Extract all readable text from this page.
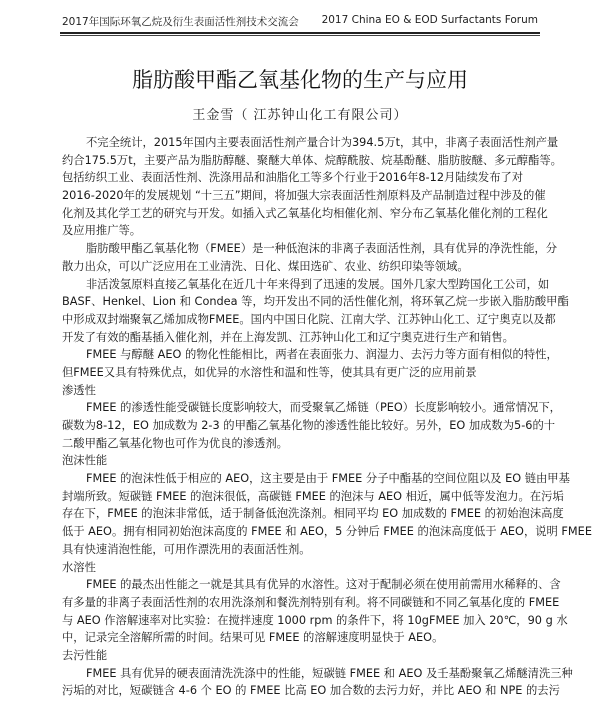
2017年国际环氧乙烷及衍生表面活性剂技术交流会 2017 China EO & EOD Surfactants Forum
脂肪酸甲酯乙氧基化物的生产与应用
王金雪（ 江苏钟山化工有限公司）
不完全统计，2015年国内主要表面活性剂产量合计为394.5万t，其中，非离子表面活性剂产量
约合175.5万t，主要产品为脂肪醇醚、聚醚大单体、烷醇酰胺、烷基酚醚、脂肪胺醚、多元醇酯等。
包括纺织工业、表面活性剂、洗涤用品和油脂化工等多个行业于2016年8-12月陆续发布了对
2016-2020年的发展规划 “十三五”期间，将加强大宗表面活性剂原料及产品制造过程中涉及的催
化剂及其化学工艺的研究与开发。如插入式乙氧基化均相催化剂、窄分布乙氧基化催化剂的工程化
及应用推广等。
脂肪酸甲酯乙氧基化物（FMEE）是一种低泡沫的非离子表面活性剂，具有优异的净洗性能，分
散力出众，可以广泛应用在工业清洗、日化、煤田选矿、农业、纺织印染等领域。
非活泼氢原料直接乙氧基化在近几十年来得到了迅速的发展。国外几家大型跨国化工公司，如
BASF、Henkel、Lion 和 Condea 等，均开发出不同的活性催化剂，将环氧乙烷一步嵌入脂肪酸甲酯
中形成双封端聚氧乙烯加成物FMEE。国内中国日化院、江南大学、江苏钟山化工、辽宁奥克以及都
开发了有效的酯基插入催化剂，并在上海发凯、江苏钟山化工和辽宁奥克进行生产和销售。
FMEE 与醇醚 AEO 的物化性能相比，两者在表面张力、润湿力、去污力等方面有相似的特性，
但FMEE又具有特殊优点，如优异的水溶性和温和性等，使其具有更广泛的应用前景
渗透性
FMEE 的渗透性能受碳链长度影响较大，而受聚氧乙烯链（PEO）长度影响较小。通常情况下，
碳数为8-12，EO 加成数为 2-3 的甲酯乙氧基化物的渗透性能比较好。另外，EO 加成数为5-6的十
二酸甲酯乙氧基化物也可作为优良的渗透剂。
泡沫性能
FMEE 的泡沫性低于相应的 AEO，这主要是由于 FMEE 分子中酯基的空间位阻以及 EO 链由甲基
封端所致。短碳链 FMEE 的泡沫很低，高碳链 FMEE 的泡沫与 AEO 相近，属中低等发泡力。在污垢
存在下，FMEE 的泡沫非常低，适于制备低泡洗涤剂。相同平均 EO 加成数的 FMEE 的初始泡沫高度
低于 AEO。拥有相同初始泡沫高度的 FMEE 和 AEO，5 分钟后 FMEE 的泡沫高度低于 AEO，说明 FMEE
具有快速消泡性能，可用作漂洗用的表面活性剂。
水溶性
FMEE 的最杰出性能之一就是其具有优异的水溶性。这对于配制必须在使用前需用水稀释的、含
有多量的非离子表面活性剂的农用洗涤剂和餐洗剂特别有利。将不同碳链和不同乙氧基化度的 FMEE
与 AEO 作溶解速率对比实验：在搅拌速度 1000 rpm 的条件下，将 10gFMEE 加入 20℃，90 g 水
中，记录完全溶解所需的时间。结果可见 FMEE 的溶解速度明显快于 AEO。
去污性能
FMEE 具有优异的硬表面清洗洗涤中的性能，短碳链 FMEE 和 AEO 及壬基酚聚氧乙烯醚清洗三种
污垢的对比，短碳链含 4-6 个 EO 的 FMEE 比高 EO 加合数的去污力好，并比 AEO 和 NPE 的去污
